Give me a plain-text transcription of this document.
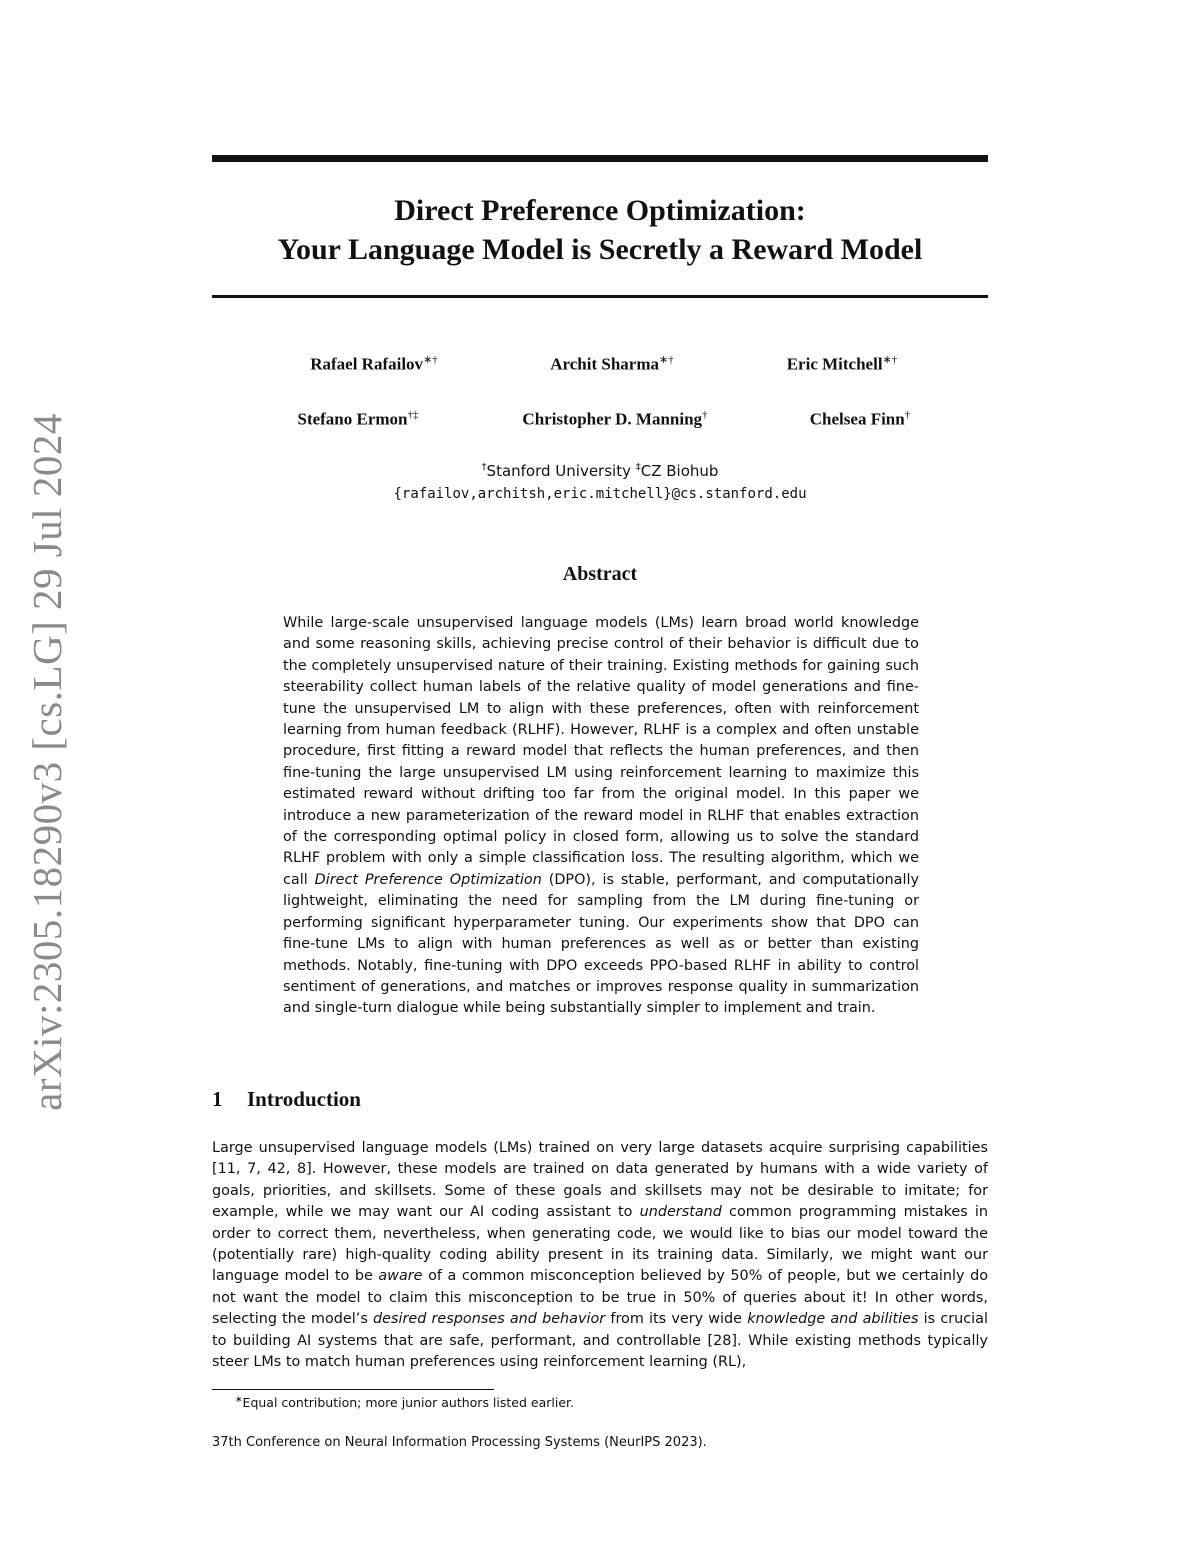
arXiv:2305.18290v3 [cs.LG] 29 Jul 2024
Direct Preference Optimization:
Your Language Model is Secretly a Reward Model
Rafael Rafailov∗†	Archit Sharma∗†	Eric Mitchell∗†
Stefano Ermon†‡	Christopher D. Manning†	Chelsea Finn†
†Stanford University ‡CZ Biohub
{rafailov,architsh,eric.mitchell}@cs.stanford.edu
Abstract
While large-scale unsupervised language models (LMs) learn broad world knowledge and some reasoning skills, achieving precise control of their behavior is difficult due to the completely unsupervised nature of their training. Existing methods for gaining such steerability collect human labels of the relative quality of model generations and fine-tune the unsupervised LM to align with these preferences, often with reinforcement learning from human feedback (RLHF). However, RLHF is a complex and often unstable procedure, first fitting a reward model that reflects the human preferences, and then fine-tuning the large unsupervised LM using reinforcement learning to maximize this estimated reward without drifting too far from the original model. In this paper we introduce a new parameterization of the reward model in RLHF that enables extraction of the corresponding optimal policy in closed form, allowing us to solve the standard RLHF problem with only a simple classification loss. The resulting algorithm, which we call Direct Preference Optimization (DPO), is stable, performant, and computationally lightweight, eliminating the need for sampling from the LM during fine-tuning or performing significant hyperparameter tuning. Our experiments show that DPO can fine-tune LMs to align with human preferences as well as or better than existing methods. Notably, fine-tuning with DPO exceeds PPO-based RLHF in ability to control sentiment of generations, and matches or improves response quality in summarization and single-turn dialogue while being substantially simpler to implement and train.
1 Introduction
Large unsupervised language models (LMs) trained on very large datasets acquire surprising capabilities [11, 7, 42, 8]. However, these models are trained on data generated by humans with a wide variety of goals, priorities, and skillsets. Some of these goals and skillsets may not be desirable to imitate; for example, while we may want our AI coding assistant to understand common programming mistakes in order to correct them, nevertheless, when generating code, we would like to bias our model toward the (potentially rare) high-quality coding ability present in its training data. Similarly, we might want our language model to be aware of a common misconception believed by 50% of people, but we certainly do not want the model to claim this misconception to be true in 50% of queries about it! In other words, selecting the model’s desired responses and behavior from its very wide knowledge and abilities is crucial to building AI systems that are safe, performant, and controllable [28]. While existing methods typically steer LMs to match human preferences using reinforcement learning (RL),
∗Equal contribution; more junior authors listed earlier.
37th Conference on Neural Information Processing Systems (NeurIPS 2023).
